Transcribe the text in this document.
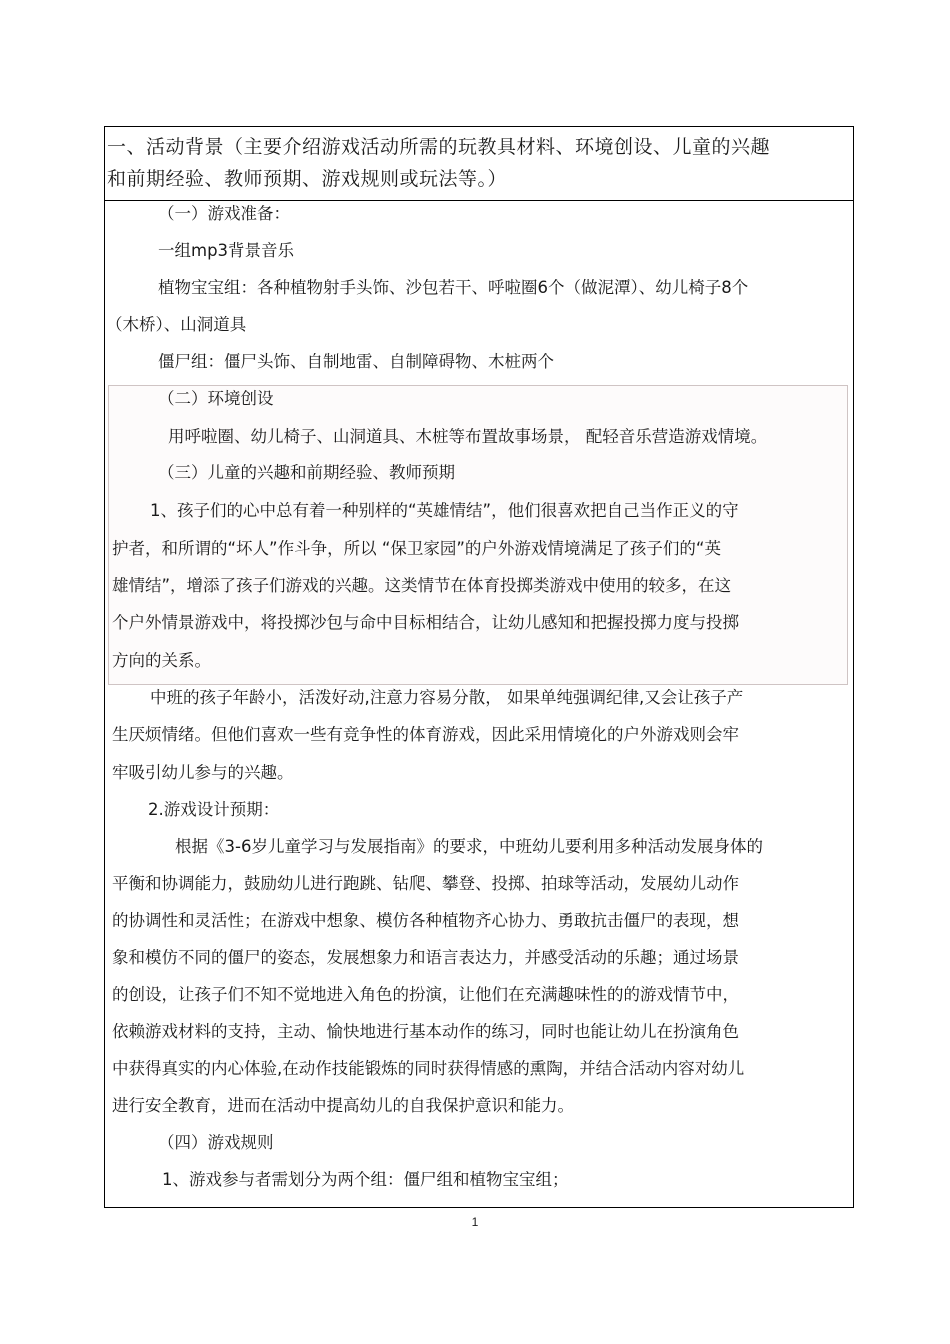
一、活动背景（主要介绍游戏活动所需的玩教具材料、环境创设、儿童的兴趣
和前期经验、教师预期、游戏规则或玩法等。）
（一）游戏准备：
一组mp3背景音乐
植物宝宝组：各种植物射手头饰、沙包若干、呼啦圈6个（做泥潭）、幼儿椅子8个
（木桥）、山洞道具
僵尸组：僵尸头饰、自制地雷、自制障碍物、木桩两个
（二）环境创设
用呼啦圈、幼儿椅子、山洞道具、木桩等布置故事场景， 配轻音乐营造游戏情境。
（三）儿童的兴趣和前期经验、教师预期
1、孩子们的心中总有着一种别样的“英雄情结”，他们很喜欢把自己当作正义的守
护者，和所谓的“坏人”作斗争，所以 “保卫家园”的户外游戏情境满足了孩子们的“英
雄情结”，增添了孩子们游戏的兴趣。这类情节在体育投掷类游戏中使用的较多，在这
个户外情景游戏中，将投掷沙包与命中目标相结合，让幼儿感知和把握投掷力度与投掷
方向的关系。
中班的孩子年龄小，活泼好动,注意力容易分散， 如果单纯强调纪律,又会让孩子产
生厌烦情绪。但他们喜欢一些有竞争性的体育游戏，因此采用情境化的户外游戏则会牢
牢吸引幼儿参与的兴趣。
2.游戏设计预期：
根据《3-6岁儿童学习与发展指南》的要求，中班幼儿要利用多种活动发展身体的
平衡和协调能力，鼓励幼儿进行跑跳、钻爬、攀登、投掷、拍球等活动，发展幼儿动作
的协调性和灵活性；在游戏中想象、模仿各种植物齐心协力、勇敢抗击僵尸的表现，想
象和模仿不同的僵尸的姿态，发展想象力和语言表达力，并感受活动的乐趣；通过场景
的创设，让孩子们不知不觉地进入角色的扮演，让他们在充满趣味性的的游戏情节中，
依赖游戏材料的支持，主动、愉快地进行基本动作的练习，同时也能让幼儿在扮演角色
中获得真实的内心体验,在动作技能锻炼的同时获得情感的熏陶，并结合活动内容对幼儿
进行安全教育，进而在活动中提高幼儿的自我保护意识和能力。
（四）游戏规则
1、游戏参与者需划分为两个组：僵尸组和植物宝宝组；
1
